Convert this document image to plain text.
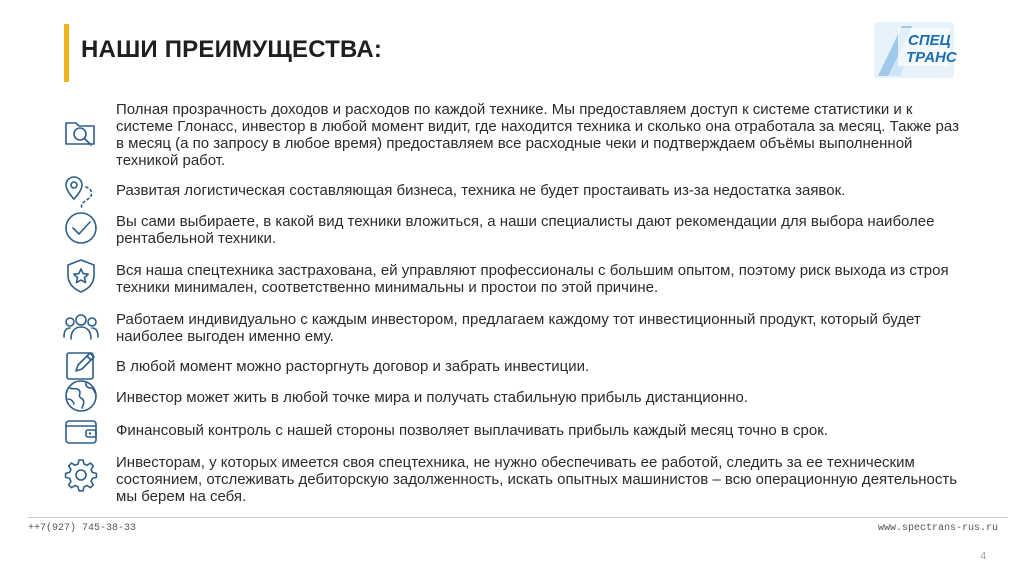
НАШИ ПРЕИМУЩЕСТВА:	СПЕЦ
ТРАНС
Полная прозрачность доходов и расходов по каждой технике. Мы предоставляем доступ к системе статистики и к системе Глонасс, инвестор в любой момент видит, где находится техника и сколько она отработала за месяц. Также раз в месяц (а по запросу в любое время) предоставляем все расходные чеки и подтверждаем объёмы выполненной техникой работ.
Развитая логистическая составляющая бизнеса, техника не будет простаивать из-за недостатка заявок.
Вы сами выбираете, в какой вид техники вложиться, а наши специалисты дают рекомендации для выбора наиболее рентабельной техники.
Вся наша спецтехника застрахована, ей управляют профессионалы с большим опытом, поэтому риск выхода из строя техники минимален, соответственно минимальны и простои по этой причине.
Работаем индивидуально с каждым инвестором, предлагаем каждому тот инвестиционный продукт, который будет наиболее выгоден именно ему.
В любой момент можно расторгнуть договор и забрать инвестиции.
Инвестор может жить в любой точке мира и получать стабильную прибыль дистанционно.
Финансовый контроль с нашей стороны позволяет выплачивать прибыль каждый месяц точно в срок.
Инвесторам, у которых имеется своя спецтехника, не нужно обеспечивать ее работой, следить за ее техническим состоянием, отслеживать дебиторскую задолженность, искать опытных машинистов – всю операционную деятельность мы берем на себя.
++7(927) 745-38-33	www.spectrans-rus.ru
4
